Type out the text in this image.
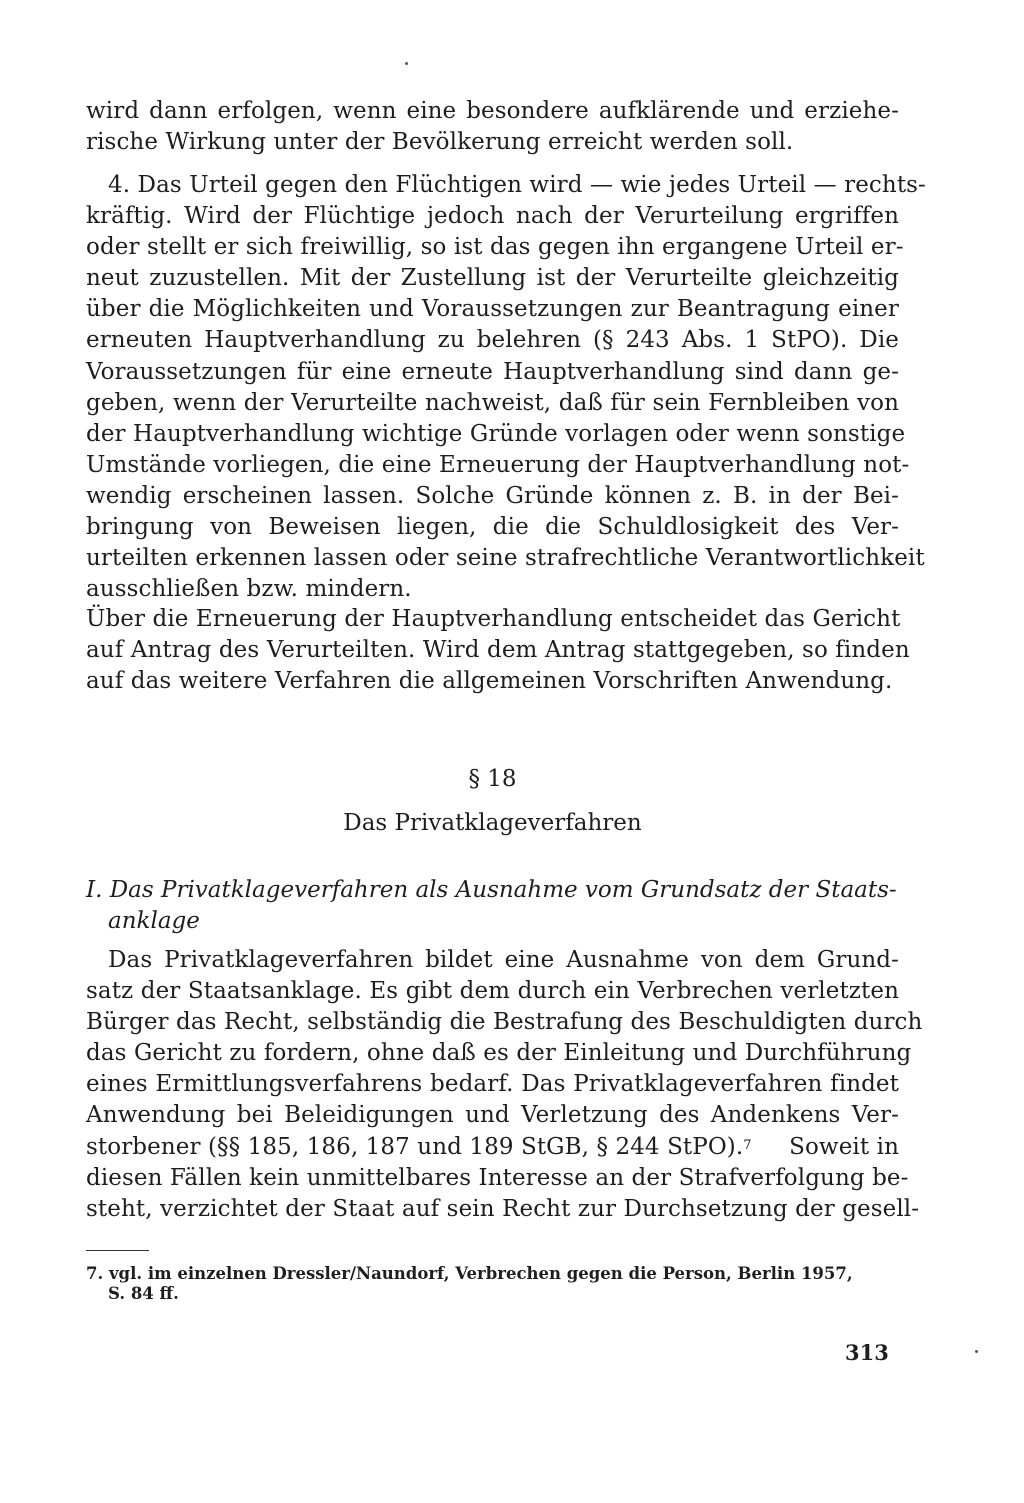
wird dann erfolgen, wenn eine besondere aufklärende und erziehe-
rische Wirkung unter der Bevölkerung erreicht werden soll.
4. Das Urteil gegen den Flüchtigen wird — wie jedes Urteil — rechts-
kräftig. Wird der Flüchtige jedoch nach der Verurteilung ergriffen
oder stellt er sich freiwillig, so ist das gegen ihn ergangene Urteil er-
neut zuzustellen. Mit der Zustellung ist der Verurteilte gleichzeitig
über die Möglichkeiten und Voraussetzungen zur Beantragung einer
erneuten Hauptverhandlung zu belehren (§ 243 Abs. 1 StPO). Die
Voraussetzungen für eine erneute Hauptverhandlung sind dann ge-
geben, wenn der Verurteilte nachweist, daß für sein Fernbleiben von
der Hauptverhandlung wichtige Gründe vorlagen oder wenn sonstige
Umstände vorliegen, die eine Erneuerung der Hauptverhandlung not-
wendig erscheinen lassen. Solche Gründe können z. B. in der Bei-
bringung von Beweisen liegen, die die Schuldlosigkeit des Ver-
urteilten erkennen lassen oder seine strafrechtliche Verantwortlichkeit
ausschließen bzw. mindern.
Über die Erneuerung der Hauptverhandlung entscheidet das Gericht
auf Antrag des Verurteilten. Wird dem Antrag stattgegeben, so finden
auf das weitere Verfahren die allgemeinen Vorschriften Anwendung.
§ 18
Das Privatklageverfahren
I. Das Privatklageverfahren als Ausnahme vom Grundsatz der Staats-
anklage
Das Privatklageverfahren bildet eine Ausnahme von dem Grund-
satz der Staatsanklage. Es gibt dem durch ein Verbrechen verletzten
Bürger das Recht, selbständig die Bestrafung des Beschuldigten durch
das Gericht zu fordern, ohne daß es der Einleitung und Durchführung
eines Ermittlungsverfahrens bedarf. Das Privatklageverfahren findet
Anwendung bei Beleidigungen und Verletzung des Andenkens Ver-
storbener (§§ 185, 186, 187 und 189 StGB, § 244 StPO).$^7$ Soweit in
diesen Fällen kein unmittelbares Interesse an der Strafverfolgung be-
steht, verzichtet der Staat auf sein Recht zur Durchsetzung der gesell-
7. vgl. im einzelnen Dressler/Naundorf, Verbrechen gegen die Person, Berlin 1957,
S. 84 ff.
313
